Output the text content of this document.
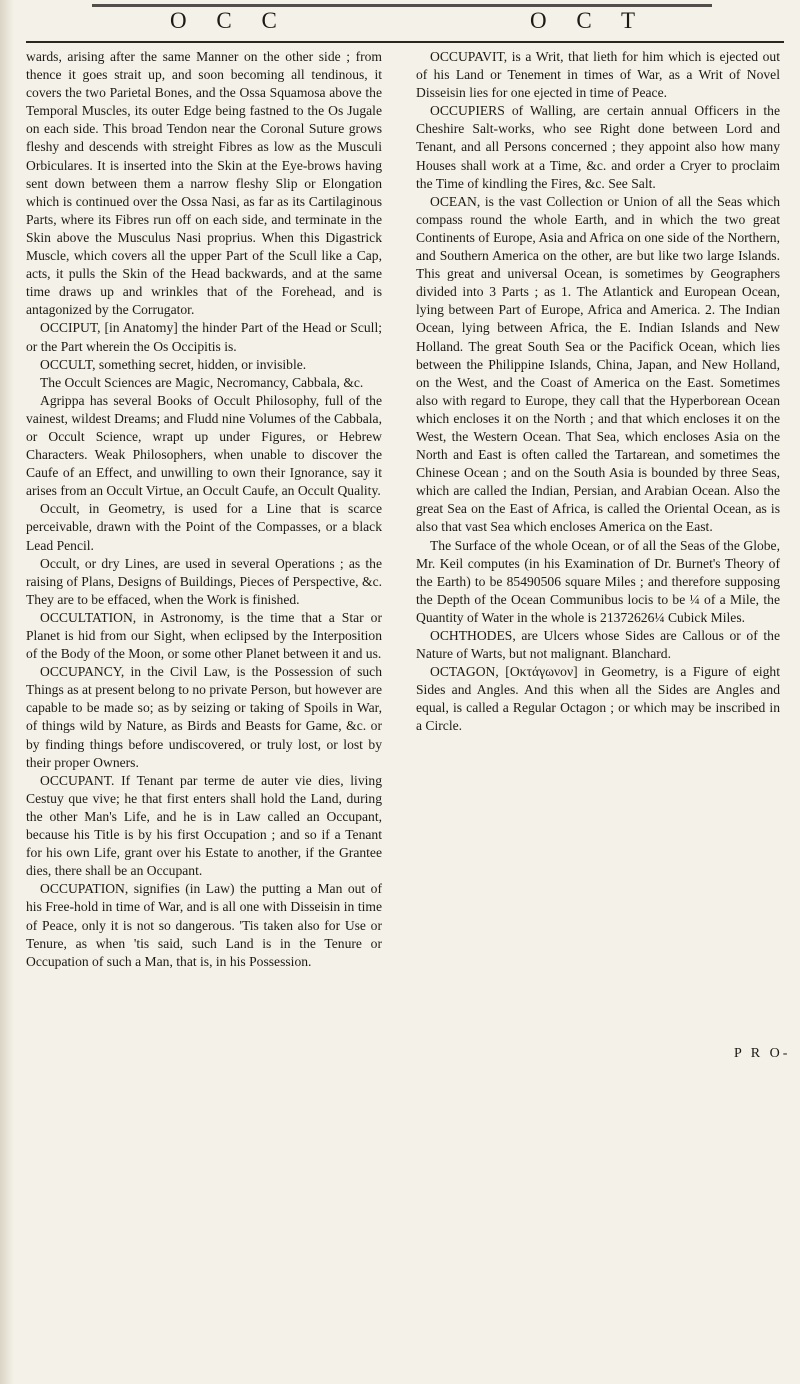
O C C	O C T

wards, arising after the same Manner on the other side ; from thence it goes strait up, and soon becoming all tendinous, it covers the two Parietal Bones, and the Ossa Squamosa above the Temporal Muscles, its outer Edge being fastned to the Os Jugale on each side. This broad Tendon near the Coronal Suture grows fleshy and descends with streight Fibres as low as the Musculi Orbiculares. It is inserted into the Skin at the Eye-brows having sent down between them a narrow fleshy Slip or Elongation which is continued over the Ossa Nasi, as far as its Cartilaginous Parts, where its Fibres run off on each side, and terminate in the Skin above the Musculus Nasi proprius. When this Digastrick Muscle, which covers all the upper Part of the Scull like a Cap, acts, it pulls the Skin of the Head backwards, and at the same time draws up and wrinkles that of the Forehead, and is antagonized by the Corrugator.

OCCIPUT, [in Anatomy] the hinder Part of the Head or Scull; or the Part wherein the Os Occipitis is.

OCCULT, something secret, hidden, or invisible.

The Occult Sciences are Magic, Necromancy, Cabbala, &c.

Agrippa has several Books of Occult Philosophy, full of the vainest, wildest Dreams; and Fludd nine Volumes of the Cabbala, or Occult Science, wrapt up under Figures, or Hebrew Characters. Weak Philosophers, when unable to discover the Caufe of an Effect, and unwilling to own their Ignorance, say it arises from an Occult Virtue, an Occult Caufe, an Occult Quality.

Occult, in Geometry, is used for a Line that is scarce perceivable, drawn with the Point of the Compasses, or a black Lead Pencil.

Occult, or dry Lines, are used in several Operations ; as the raising of Plans, Designs of Buildings, Pieces of Perspective, &c. They are to be effaced, when the Work is finished.

OCCULTATION, in Astronomy, is the time that a Star or Planet is hid from our Sight, when eclipsed by the Interposition of the Body of the Moon, or some other Planet between it and us.

OCCUPANCY, in the Civil Law, is the Possession of such Things as at present belong to no private Person, but however are capable to be made so; as by seizing or taking of Spoils in War, of things wild by Nature, as Birds and Beasts for Game, &c. or by finding things before undiscovered, or truly lost, or lost by their proper Owners.

OCCUPANT. If Tenant par terme de auter vie dies, living Cestuy que vive; he that first enters shall hold the Land, during the other Man's Life, and he is in Law called an Occupant, because his Title is by his first Occupation ; and so if a Tenant for his own Life, grant over his Estate to another, if the Grantee dies, there shall be an Occupant.

OCCUPATION, signifies (in Law) the putting a Man out of his Free-hold in time of War, and is all one with Disseisin in time of Peace, only it is not so dangerous. 'Tis taken also for Use or Tenure, as when 'tis said, such Land is in the Tenure or Occupation of such a Man, that is, in his Possession.

OCCUPAVIT, is a Writ, that lieth for him which is ejected out of his Land or Tenement in times of War, as a Writ of Novel Disseisin lies for one ejected in time of Peace.

OCCUPIERS of Walling, are certain annual Officers in the Cheshire Salt-works, who see Right done between Lord and Tenant, and all Persons concerned ; they appoint also how many Houses shall work at a Time, &c. and order a Cryer to proclaim the Time of kindling the Fires, &c. See Salt.

OCEAN, is the vast Collection or Union of all the Seas which compass round the whole Earth, and in which the two great Continents of Europe, Asia and Africa on one side of the Northern, and Southern America on the other, are but like two large Islands. This great and universal Ocean, is sometimes by Geographers divided into 3 Parts ; as 1. The Atlantick and European Ocean, lying between Part of Europe, Africa and America. 2. The Indian Ocean, lying between Africa, the E. Indian Islands and New Holland. The great South Sea or the Pacifick Ocean, which lies between the Philippine Islands, China, Japan, and New Holland, on the West, and the Coast of America on the East. Sometimes also with regard to Europe, they call that the Hyperborean Ocean which encloses it on the North ; and that which encloses it on the West, the Western Ocean. That Sea, which encloses Asia on the North and East is often called the Tartarean, and sometimes the Chinese Ocean ; and on the South Asia is bounded by three Seas, which are called the Indian, Persian, and Arabian Ocean. Also the great Sea on the East of Africa, is called the Oriental Ocean, as is also that vast Sea which encloses America on the East.

The Surface of the whole Ocean, or of all the Seas of the Globe, Mr. Keil computes (in his Examination of Dr. Burnet's Theory of the Earth) to be 85490506 square Miles ; and therefore supposing the Depth of the Ocean Communibus locis to be ¼ of a Mile, the Quantity of Water in the whole is 21372626¼ Cubick Miles.

OCHTHODES, are Ulcers whose Sides are Callous or of the Nature of Warts, but not malignant. Blanchard.

OCTAGON, [Οκτάγωνον] in Geometry, is a Figure of eight Sides and Angles. And this when all the Sides are Angles and equal, is called a Regular Octagon ; or which may be inscribed in a Circle.

P R O-
